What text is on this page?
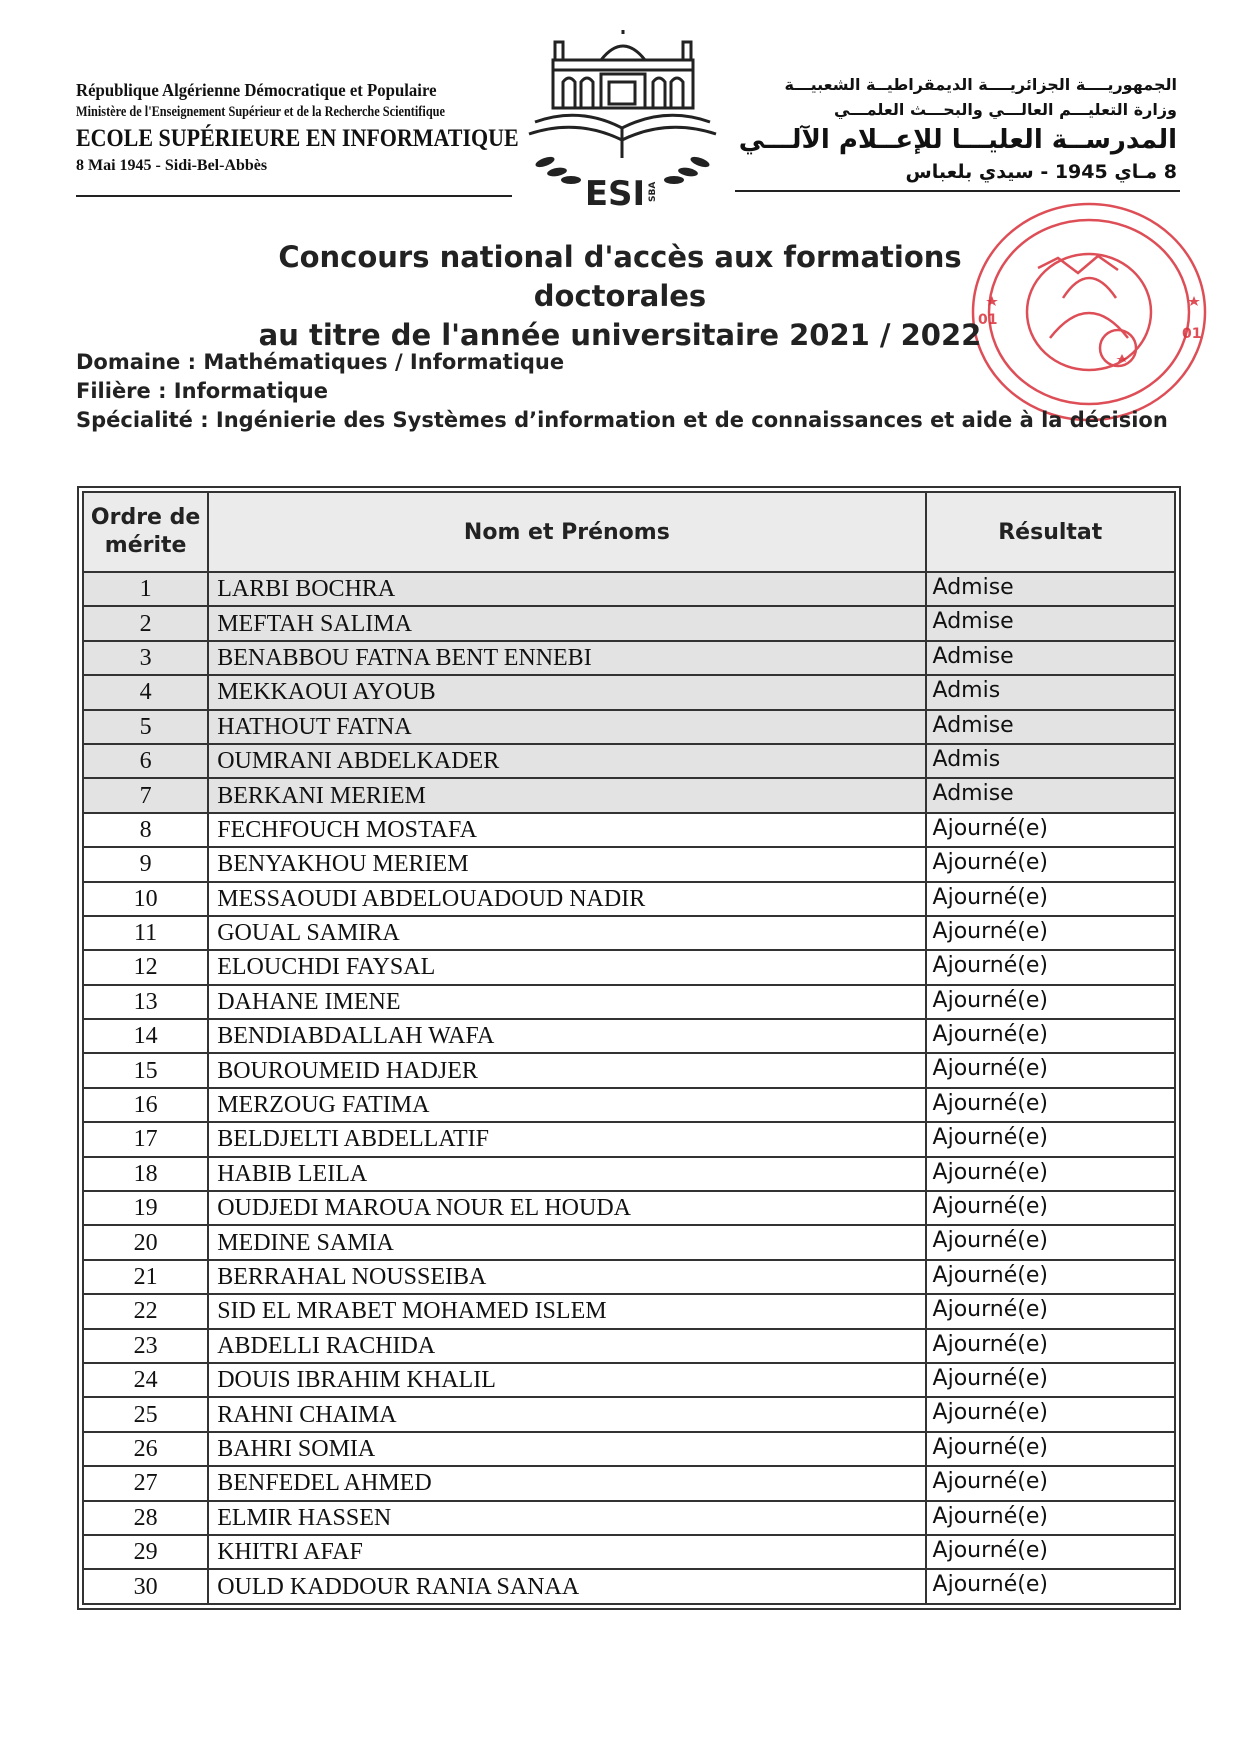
République Algérienne Démocratique et Populaire
Ministère de l'Enseignement Supérieur et de la Recherche Scientifique
ECOLE SUPÉRIEURE EN INFORMATIQUE
8 Mai 1945 - Sidi-Bel-Abbès
ESI SBA
الجمهوريــــة الجزائريــــة الديمقراطيــة الشعبيـــة
وزارة التعليـــم العالـــي والبحـــث العلمـــي
المدرســة العليـــا للإعــلام الآلـــي
8 مـاي 1945 - سيدي بلعباس
01
01
Concours national d'accès aux formations doctorales
au titre de l'année universitaire 2021 / 2022
Domaine : Mathématiques / Informatique
Filière : Informatique
Spécialité : Ingénierie des Systèmes d’information et de connaissances et aide à la décision
Ordre de
mérite	Nom et Prénoms	Résultat
1	LARBI BOCHRA	Admise
2	MEFTAH SALIMA	Admise
3	BENABBOU FATNA BENT ENNEBI	Admise
4	MEKKAOUI AYOUB	Admis
5	HATHOUT FATNA	Admise
6	OUMRANI ABDELKADER	Admis
7	BERKANI MERIEM	Admise
8	FECHFOUCH MOSTAFA	Ajourné(e)
9	BENYAKHOU MERIEM	Ajourné(e)
10	MESSAOUDI ABDELOUADOUD NADIR	Ajourné(e)
11	GOUAL SAMIRA	Ajourné(e)
12	ELOUCHDI FAYSAL	Ajourné(e)
13	DAHANE IMENE	Ajourné(e)
14	BENDIABDALLAH WAFA	Ajourné(e)
15	BOUROUMEID HADJER	Ajourné(e)
16	MERZOUG FATIMA	Ajourné(e)
17	BELDJELTI ABDELLATIF	Ajourné(e)
18	HABIB LEILA	Ajourné(e)
19	OUDJEDI MAROUA NOUR EL HOUDA	Ajourné(e)
20	MEDINE SAMIA	Ajourné(e)
21	BERRAHAL NOUSSEIBA	Ajourné(e)
22	SID EL MRABET MOHAMED ISLEM	Ajourné(e)
23	ABDELLI RACHIDA	Ajourné(e)
24	DOUIS IBRAHIM KHALIL	Ajourné(e)
25	RAHNI CHAIMA	Ajourné(e)
26	BAHRI SOMIA	Ajourné(e)
27	BENFEDEL AHMED	Ajourné(e)
28	ELMIR HASSEN	Ajourné(e)
29	KHITRI AFAF	Ajourné(e)
30	OULD KADDOUR RANIA SANAA	Ajourné(e)
